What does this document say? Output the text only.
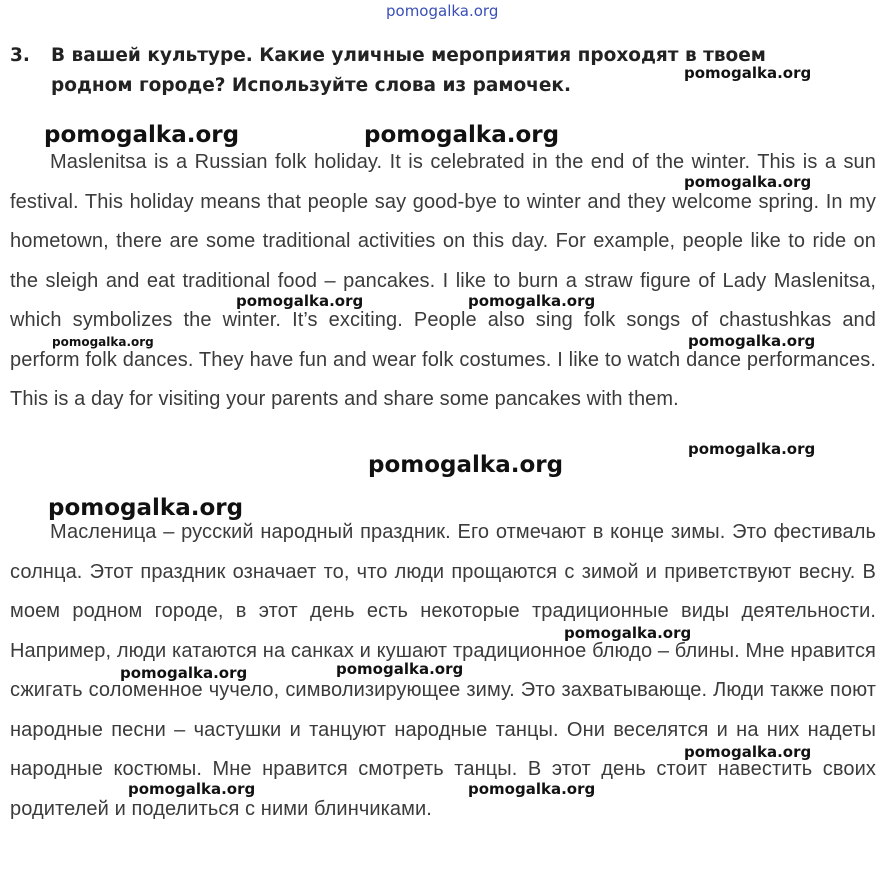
pomogalka.org
3. В вашей культуре. Какие уличные мероприятия проходят в твоем
родном городе? Используйте слова из рамочек.
pomogalka.org
pomogalka.org	pomogalka.org
Maslenitsa is a Russian folk holiday. It is celebrated in the end of the winter. This is a sun festival. This holiday means that people say good-bye to winter and they welcome spring. In my hometown, there are some traditional activities on this day. For example, people like to ride on the sleigh and eat traditional food – pancakes. I like to burn a straw figure of Lady Maslenitsa, which symbolizes the winter. It’s exciting. People also sing folk songs of chastushkas and perform folk dances. They have fun and wear folk costumes. I like to watch dance performances. This is a day for visiting your parents and share some pancakes with them.
pomogalka.org
pomogalka.org	pomogalka.org
pomogalka.org	pomogalka.org
pomogalka.org
pomogalka.org
pomogalka.org
Масленица – русский народный праздник. Его отмечают в конце зимы. Это фестиваль солнца. Этот праздник означает то, что люди прощаются с зимой и приветствуют весну. В моем родном городе, в этот день есть некоторые традиционные виды деятельности. Например, люди катаются на санках и кушают традиционное блюдо – блины. Мне нравится сжигать соломенное чучело, символизирующее зиму. Это захватывающе. Люди также поют народные песни – частушки и танцуют народные танцы. Они веселятся и на них надеты народные костюмы. Мне нравится смотреть танцы. В этот день стоит навестить своих родителей и поделиться с ними блинчиками.
pomogalka.org
pomogalka.org
pomogalka.org
pomogalka.org
pomogalka.org	pomogalka.org
